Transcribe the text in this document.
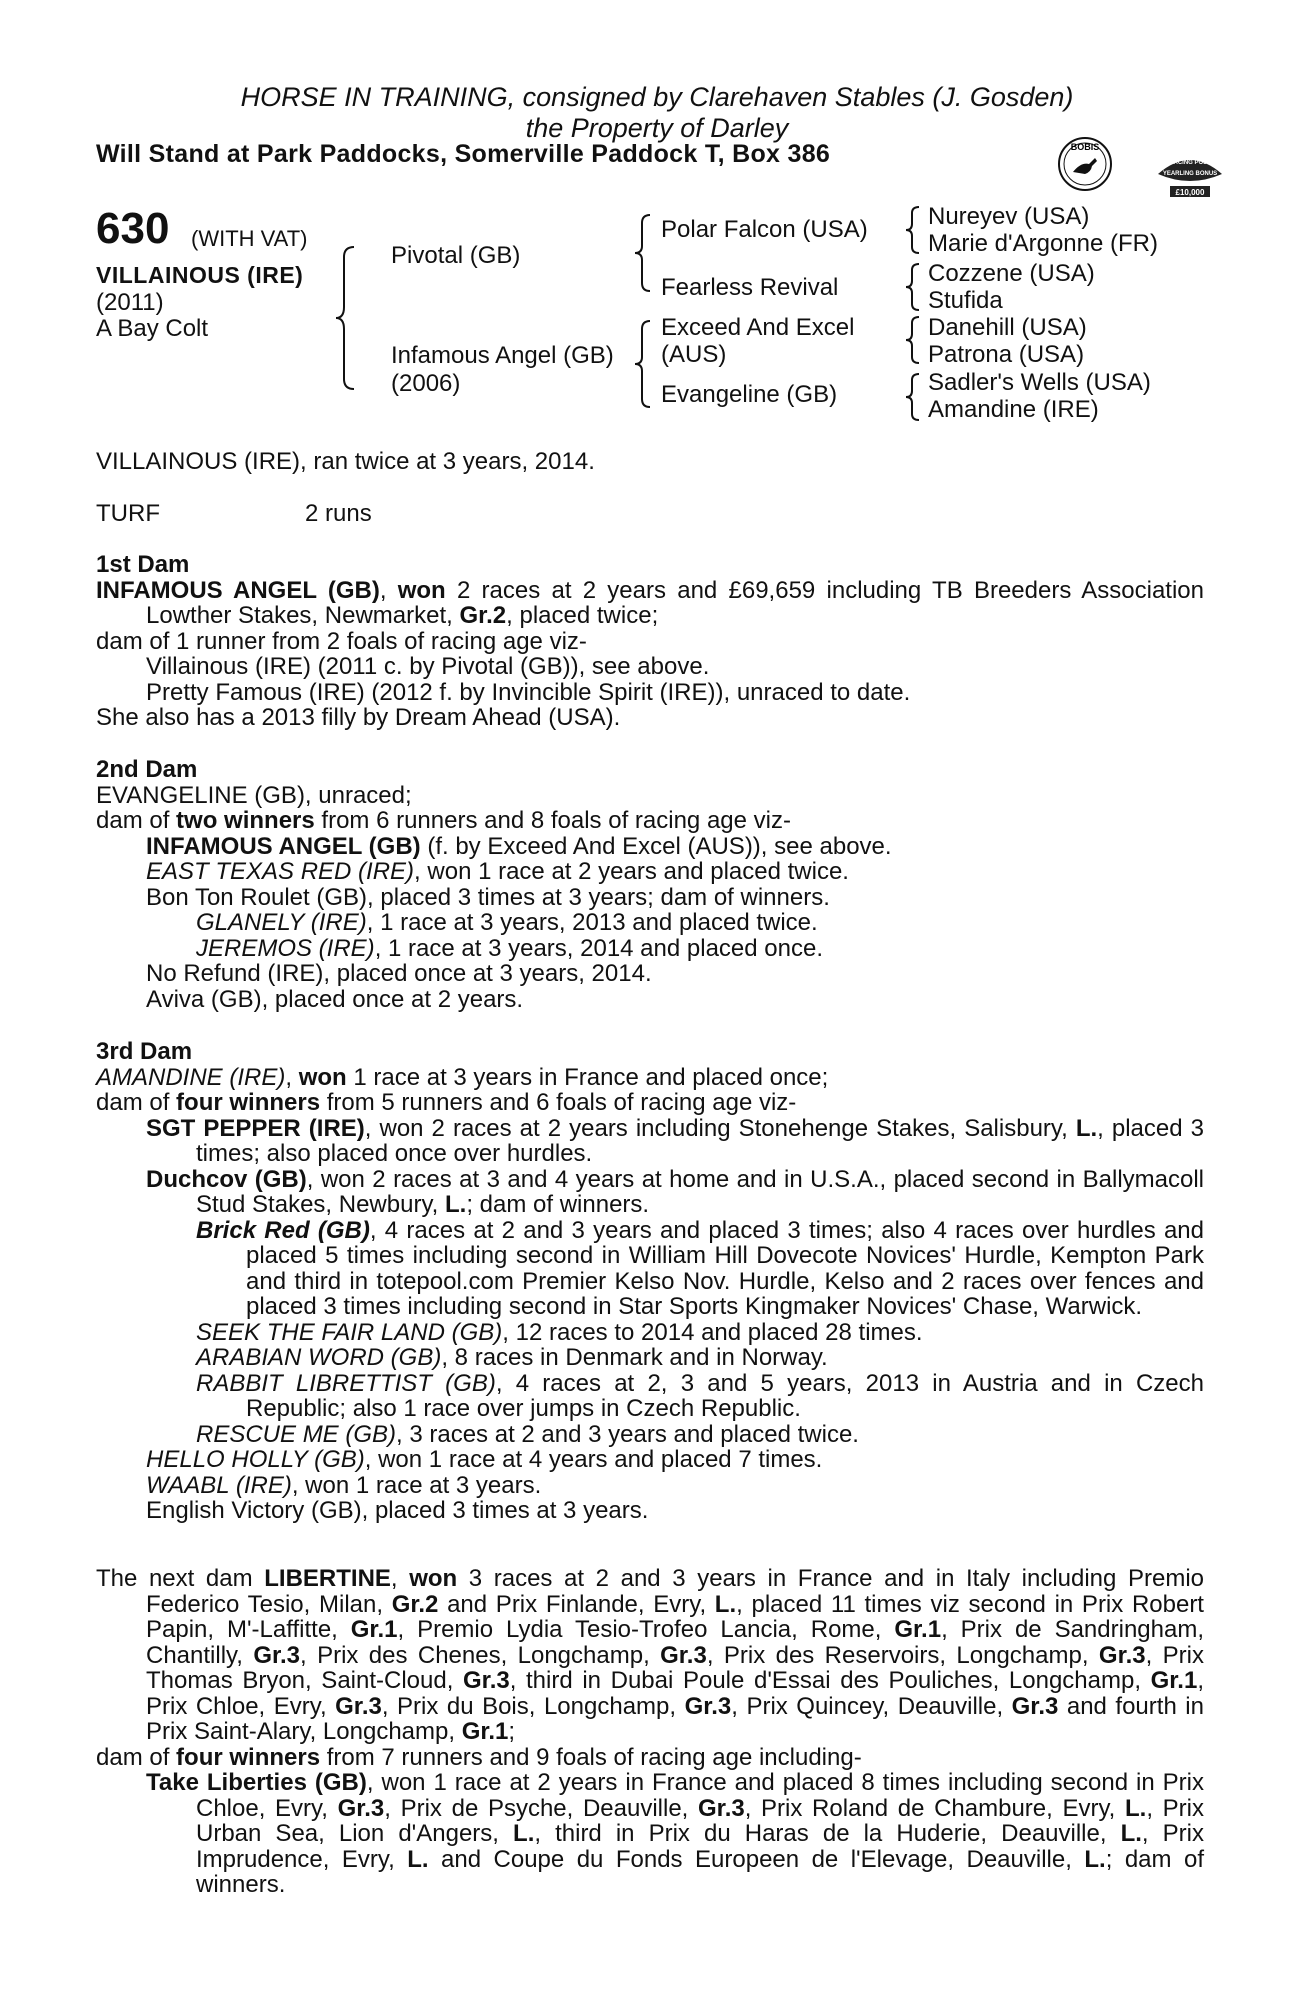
HORSE IN TRAINING, consigned by Clarehaven Stables (J. Gosden)
the Property of Darley
Will Stand at Park Paddocks, Somerville Paddock T, Box 386	BOBIS
RACING POST
YEARLING BONUS
£10,000
630 (WITH VAT)
VILLAINOUS (IRE)
(2011)
A Bay Colt
Pivotal (GB)
Infamous Angel (GB)
(2006)
Polar Falcon (USA)
Fearless Revival
Exceed And Excel
(AUS)
Evangeline (GB)
Nureyev (USA)
Marie d'Argonne (FR)
Cozzene (USA)
Stufida
Danehill (USA)
Patrona (USA)
Sadler's Wells (USA)
Amandine (IRE)
VILLAINOUS (IRE), ran twice at 3 years, 2014.
TURF	2 runs

1st Dam

INFAMOUS ANGEL (GB), won 2 races at 2 years and £69,659 including TB Breeders Association Lowther Stakes, Newmarket, Gr.2, placed twice;

dam of 1 runner from 2 foals of racing age viz-

Villainous (IRE) (2011 c. by Pivotal (GB)), see above.

Pretty Famous (IRE) (2012 f. by Invincible Spirit (IRE)), unraced to date.

She also has a 2013 filly by Dream Ahead (USA).

2nd Dam

EVANGELINE (GB), unraced;

dam of two winners from 6 runners and 8 foals of racing age viz-

INFAMOUS ANGEL (GB) (f. by Exceed And Excel (AUS)), see above.

EAST TEXAS RED (IRE), won 1 race at 2 years and placed twice.

Bon Ton Roulet (GB), placed 3 times at 3 years; dam of winners.

GLANELY (IRE), 1 race at 3 years, 2013 and placed twice.

JEREMOS (IRE), 1 race at 3 years, 2014 and placed once.

No Refund (IRE), placed once at 3 years, 2014.

Aviva (GB), placed once at 2 years.

3rd Dam

AMANDINE (IRE), won 1 race at 3 years in France and placed once;

dam of four winners from 5 runners and 6 foals of racing age viz-

SGT PEPPER (IRE), won 2 races at 2 years including Stonehenge Stakes, Salisbury, L., placed 3 times; also placed once over hurdles.

Duchcov (GB), won 2 races at 3 and 4 years at home and in U.S.A., placed second in Ballymacoll Stud Stakes, Newbury, L.; dam of winners.

Brick Red (GB), 4 races at 2 and 3 years and placed 3 times; also 4 races over hurdles and placed 5 times including second in William Hill Dovecote Novices' Hurdle, Kempton Park and third in totepool.com Premier Kelso Nov. Hurdle, Kelso and 2 races over fences and placed 3 times including second in Star Sports Kingmaker Novices' Chase, Warwick.

SEEK THE FAIR LAND (GB), 12 races to 2014 and placed 28 times.

ARABIAN WORD (GB), 8 races in Denmark and in Norway.

RABBIT LIBRETTIST (GB), 4 races at 2, 3 and 5 years, 2013 in Austria and in Czech Republic; also 1 race over jumps in Czech Republic.

RESCUE ME (GB), 3 races at 2 and 3 years and placed twice.

HELLO HOLLY (GB), won 1 race at 4 years and placed 7 times.

WAABL (IRE), won 1 race at 3 years.

English Victory (GB), placed 3 times at 3 years.

The next dam LIBERTINE, won 3 races at 2 and 3 years in France and in Italy including Premio Federico Tesio, Milan, Gr.2 and Prix Finlande, Evry, L., placed 11 times viz second in Prix Robert Papin, M'-Laffitte, Gr.1, Premio Lydia Tesio-Trofeo Lancia, Rome, Gr.1, Prix de Sandringham, Chantilly, Gr.3, Prix des Chenes, Longchamp, Gr.3, Prix des Reservoirs, Longchamp, Gr.3, Prix Thomas Bryon, Saint-Cloud, Gr.3, third in Dubai Poule d'Essai des Pouliches, Longchamp, Gr.1, Prix Chloe, Evry, Gr.3, Prix du Bois, Longchamp, Gr.3, Prix Quincey, Deauville, Gr.3 and fourth in Prix Saint-Alary, Longchamp, Gr.1;

dam of four winners from 7 runners and 9 foals of racing age including-

Take Liberties (GB), won 1 race at 2 years in France and placed 8 times including second in Prix Chloe, Evry, Gr.3, Prix de Psyche, Deauville, Gr.3, Prix Roland de Chambure, Evry, L., Prix Urban Sea, Lion d'Angers, L., third in Prix du Haras de la Huderie, Deauville, L., Prix Imprudence, Evry, L. and Coupe du Fonds Europeen de l'Elevage, Deauville, L.; dam of winners.
